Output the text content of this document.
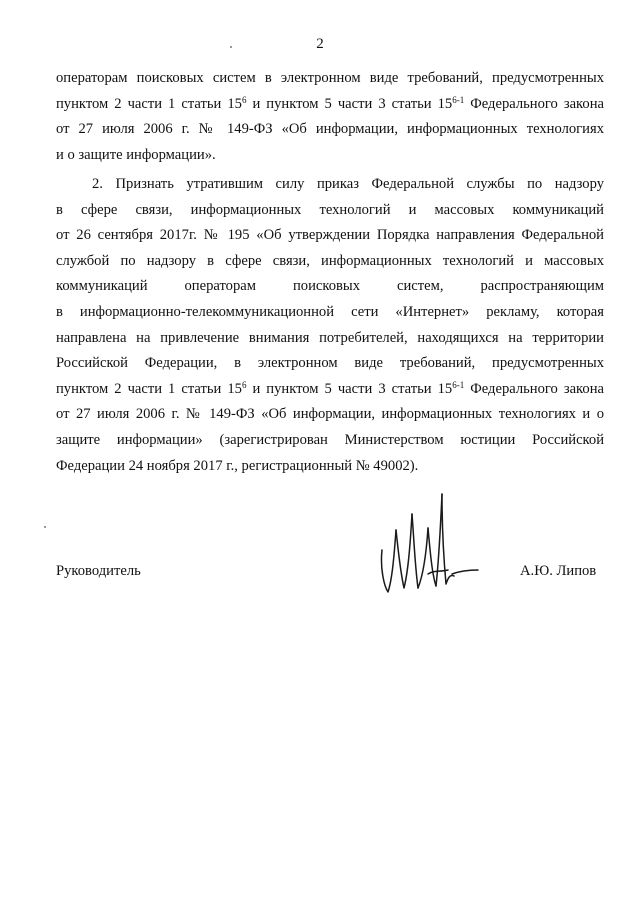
2
операторам поисковых систем в электронном виде требований, предусмотренных
пунктом 2 части 1 статьи $15^6$ и пунктом 5 части 3 статьи 15$^{6-1}$ Федерального закона
от 27 июля 2006 г. № 149-ФЗ «Об информации, информационных технологиях
и о защите информации».
2. Признать утратившим силу приказ Федеральной службы по надзору
в сфере связи, информационных технологий и массовых коммуникаций
от 26 сентября 2017г. № 195 «Об утверждении Порядка направления Федеральной
службой по надзору в сфере связи, информационных технологий и массовых
коммуникаций операторам поисковых систем, распространяющим
в информационно-телекоммуникационной сети «Интернет» рекламу, которая
направлена на привлечение внимания потребителей, находящихся на территории
Российской Федерации, в электронном виде требований, предусмотренных
пунктом 2 части 1 статьи $15^6$ и пунктом 5 части 3 статьи 15$^{6-1}$ Федерального закона
от 27 июля 2006 г. № 149-ФЗ «Об информации, информационных технологиях и о
защите информации» (зарегистрирован Министерством юстиции Российской
Федерации 24 ноября 2017 г., регистрационный № 49002).
Руководитель	А.Ю. Липов
